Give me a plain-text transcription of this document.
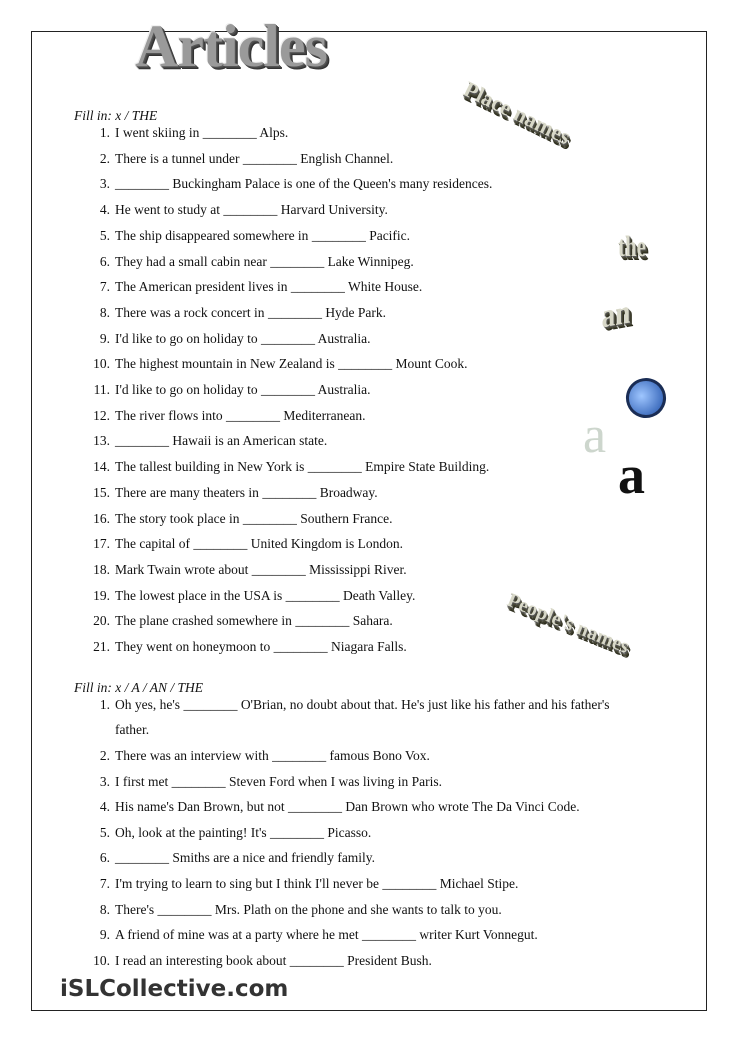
Articles
Place names
the
an
a
a
People's names
Fill in: x / THE
1. I went skiing in ________ Alps.
2. There is a tunnel under ________ English Channel.
3. ________ Buckingham Palace is one of the Queen's many residences.
4. He went to study at ________ Harvard University.
5. The ship disappeared somewhere in ________ Pacific.
6. They had a small cabin near ________ Lake Winnipeg.
7. The American president lives in ________ White House.
8. There was a rock concert in ________ Hyde Park.
9. I'd like to go on holiday to ________ Australia.
10. The highest mountain in New Zealand is ________ Mount Cook.
11. I'd like to go on holiday to ________ Australia.
12. The river flows into ________ Mediterranean.
13. ________ Hawaii is an American state.
14. The tallest building in New York is ________ Empire State Building.
15. There are many theaters in ________ Broadway.
16. The story took place in ________ Southern France.
17. The capital of ________ United Kingdom is London.
18. Mark Twain wrote about ________ Mississippi River.
19. The lowest place in the USA is ________ Death Valley.
20. The plane crashed somewhere in ________ Sahara.
21. They went on honeymoon to ________ Niagara Falls.
Fill in: x / A / AN / THE
1. Oh yes, he's ________ O'Brian, no doubt about that. He's just like his father and his father's
2. There was an interview with ________ famous Bono Vox.
3. I first met ________ Steven Ford when I was living in Paris.
4. His name's Dan Brown, but not ________ Dan Brown who wrote The Da Vinci Code.
5. Oh, look at the painting! It's ________ Picasso.
6. ________ Smiths are a nice and friendly family.
7. I'm trying to learn to sing but I think I'll never be ________ Michael Stipe.
8. There's ________ Mrs. Plath on the phone and she wants to talk to you.
9. A friend of mine was at a party where he met ________ writer Kurt Vonnegut.
10. I read an interesting book about ________ President Bush.
father.
iSLCollective.com
